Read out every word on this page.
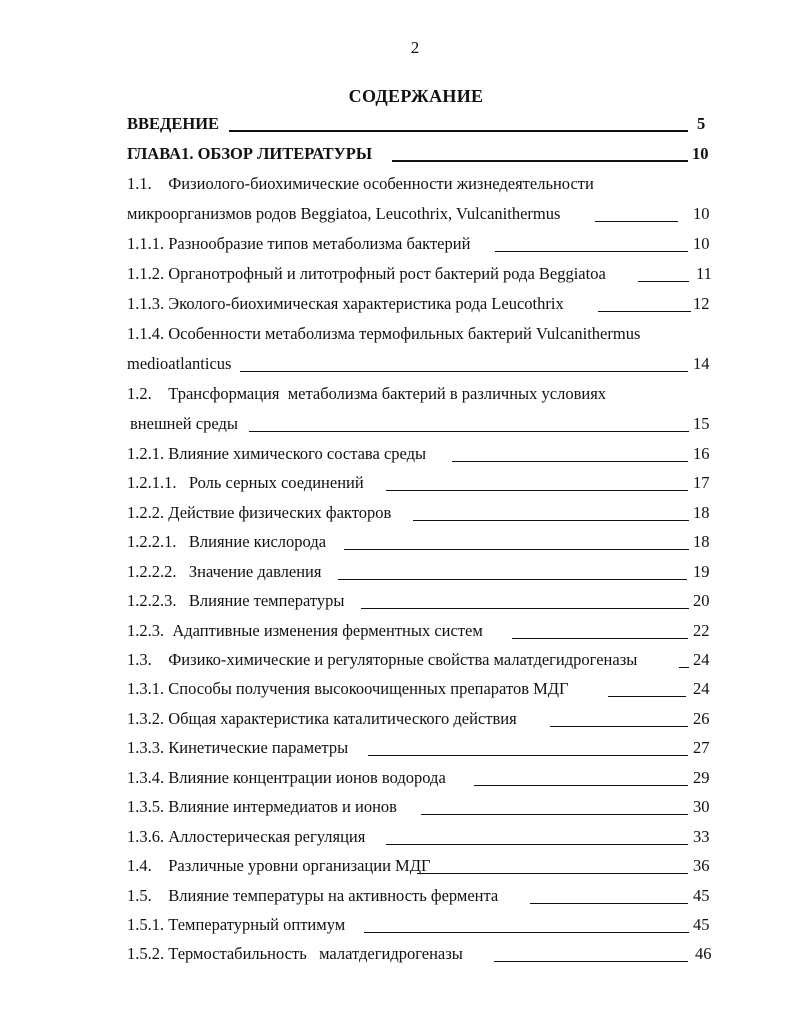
2
СОДЕРЖАНИЕ
ВВЕДЕНИЕ	5
ГЛАВА1. ОБЗОР ЛИТЕРАТУРЫ	10
1.1.    Физиолого-биохимические особенности жизнедеятельности
микроорганизмов родов Beggiatoa, Leucothrix, Vulcanithermus	10
1.1.1. Разнообразие типов метаболизма бактерий	10
1.1.2. Органотрофный и литотрофный рост бактерий рода Beggiatoa	11
1.1.3. Эколого-биохимическая характеристика рода Leucothrix	12
1.1.4. Особенности метаболизма термофильных бактерий Vulcanithermus
medioatlanticus	14
1.2.    Трансформация  метаболизма бактерий в различных условиях
внешней среды	15
1.2.1. Влияние химического состава среды	16
1.2.1.1.   Роль серных соединений	17
1.2.2. Действие физических факторов	18
1.2.2.1.   Влияние кислорода	18
1.2.2.2.   Значение давления	19
1.2.2.3.   Влияние температуры	20
1.2.3.  Адаптивные изменения ферментных систем	22
1.3.    Физико-химические и регуляторные свойства малатдегидрогеназы	24
1.3.1. Способы получения высокоочищенных препаратов МДГ	24
1.3.2. Общая характеристика каталитического действия	26
1.3.3. Кинетические параметры	27
1.3.4. Влияние концентрации ионов водорода	29
1.3.5. Влияние интермедиатов и ионов	30
1.3.6. Аллостерическая регуляция	33
1.4.    Различные уровни организации МДГ	36
1.5.    Влияние температуры на активность фермента	45
1.5.1. Температурный оптимум	45
1.5.2. Термостабильность   малатдегидрогеназы	46
